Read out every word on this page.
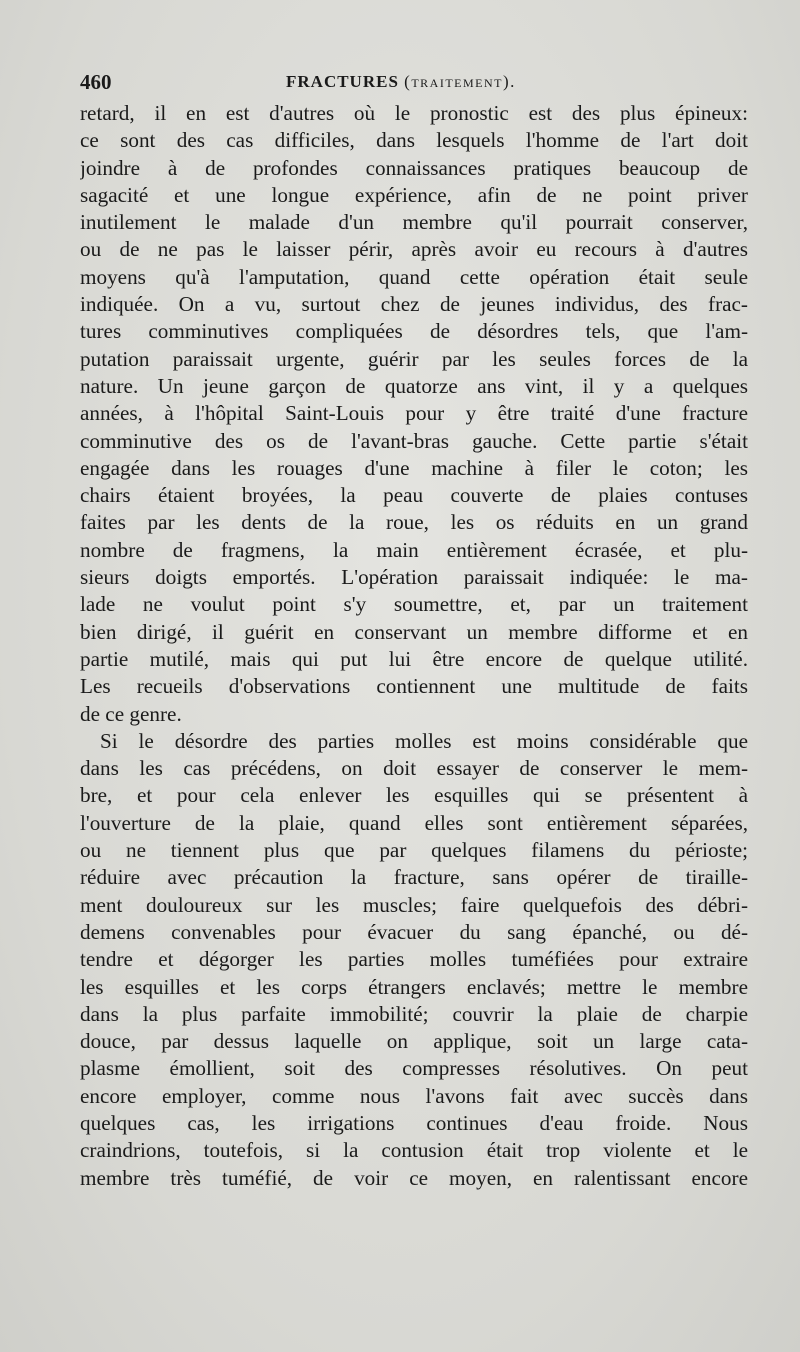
460	FRACTURES (traitement).
retard, il en est d'autres où le pronostic est des plus épineux:
ce sont des cas difficiles, dans lesquels l'homme de l'art doit
joindre à de profondes connaissances pratiques beaucoup de
sagacité et une longue expérience, afin de ne point priver
inutilement le malade d'un membre qu'il pourrait conserver,
ou de ne pas le laisser périr, après avoir eu recours à d'autres
moyens qu'à l'amputation, quand cette opération était seule
indiquée. On a vu, surtout chez de jeunes individus, des frac-
tures comminutives compliquées de désordres tels, que l'am-
putation paraissait urgente, guérir par les seules forces de la
nature. Un jeune garçon de quatorze ans vint, il y a quelques
années, à l'hôpital Saint-Louis pour y être traité d'une fracture
comminutive des os de l'avant-bras gauche. Cette partie s'était
engagée dans les rouages d'une machine à filer le coton; les
chairs étaient broyées, la peau couverte de plaies contuses
faites par les dents de la roue, les os réduits en un grand
nombre de fragmens, la main entièrement écrasée, et plu-
sieurs doigts emportés. L'opération paraissait indiquée: le ma-
lade ne voulut point s'y soumettre, et, par un traitement
bien dirigé, il guérit en conservant un membre difforme et en
partie mutilé, mais qui put lui être encore de quelque utilité.
Les recueils d'observations contiennent une multitude de faits
de ce genre.
Si le désordre des parties molles est moins considérable que
dans les cas précédens, on doit essayer de conserver le mem-
bre, et pour cela enlever les esquilles qui se présentent à
l'ouverture de la plaie, quand elles sont entièrement séparées,
ou ne tiennent plus que par quelques filamens du périoste;
réduire avec précaution la fracture, sans opérer de tiraille-
ment douloureux sur les muscles; faire quelquefois des débri-
demens convenables pour évacuer du sang épanché, ou dé-
tendre et dégorger les parties molles tuméfiées pour extraire
les esquilles et les corps étrangers enclavés; mettre le membre
dans la plus parfaite immobilité; couvrir la plaie de charpie
douce, par dessus laquelle on applique, soit un large cata-
plasme émollient, soit des compresses résolutives. On peut
encore employer, comme nous l'avons fait avec succès dans
quelques cas, les irrigations continues d'eau froide. Nous
craindrions, toutefois, si la contusion était trop violente et le
membre très tuméfié, de voir ce moyen, en ralentissant encore
